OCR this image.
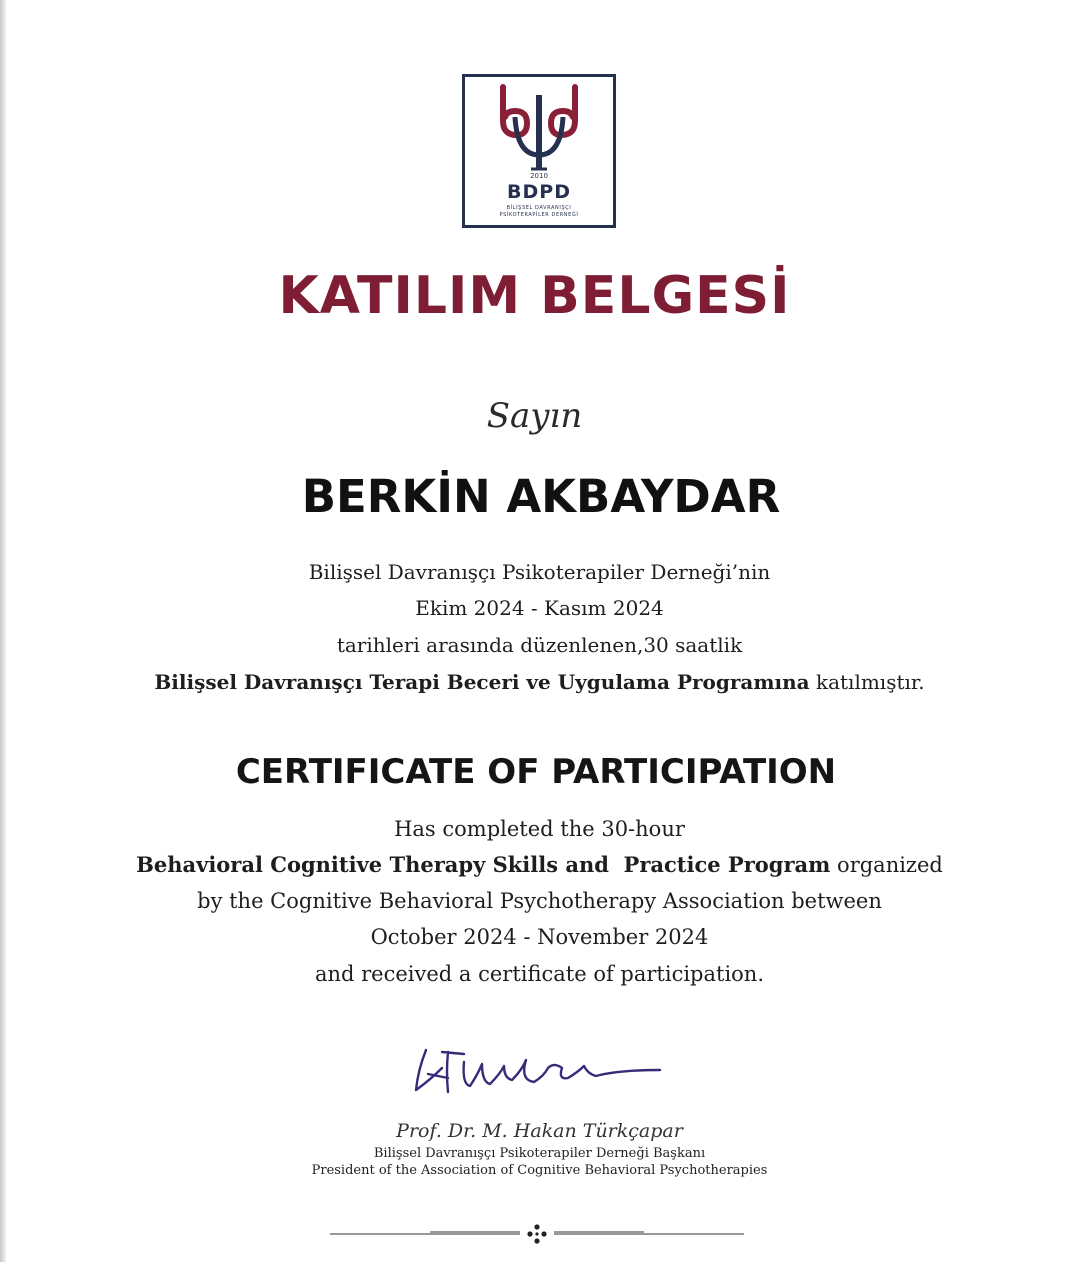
2010
BDPD
BİLİŞSEL DAVRANIŞÇI
PSİKOTERAPİLER DERNEĞİ
KATILIM BELGESİ
Sayın
BERKİN AKBAYDAR
Bilişsel Davranışçı Psikoterapiler Derneği’nin
Ekim 2024 - Kasım 2024
tarihleri arasında düzenlenen,30 saatlik
Bilişsel Davranışçı Terapi Beceri ve Uygulama Programına katılmıştır.
CERTIFICATE OF PARTICIPATION
Has completed the 30-hour
Behavioral Cognitive Therapy Skills and  Practice Program organized
by the Cognitive Behavioral Psychotherapy Association between
October 2024 - November 2024
and received a certificate of participation.
Prof. Dr. M. Hakan Türkçapar
Bilişsel Davranışçı Psikoterapiler Derneği Başkanı
President of the Association of Cognitive Behavioral Psychotherapies
